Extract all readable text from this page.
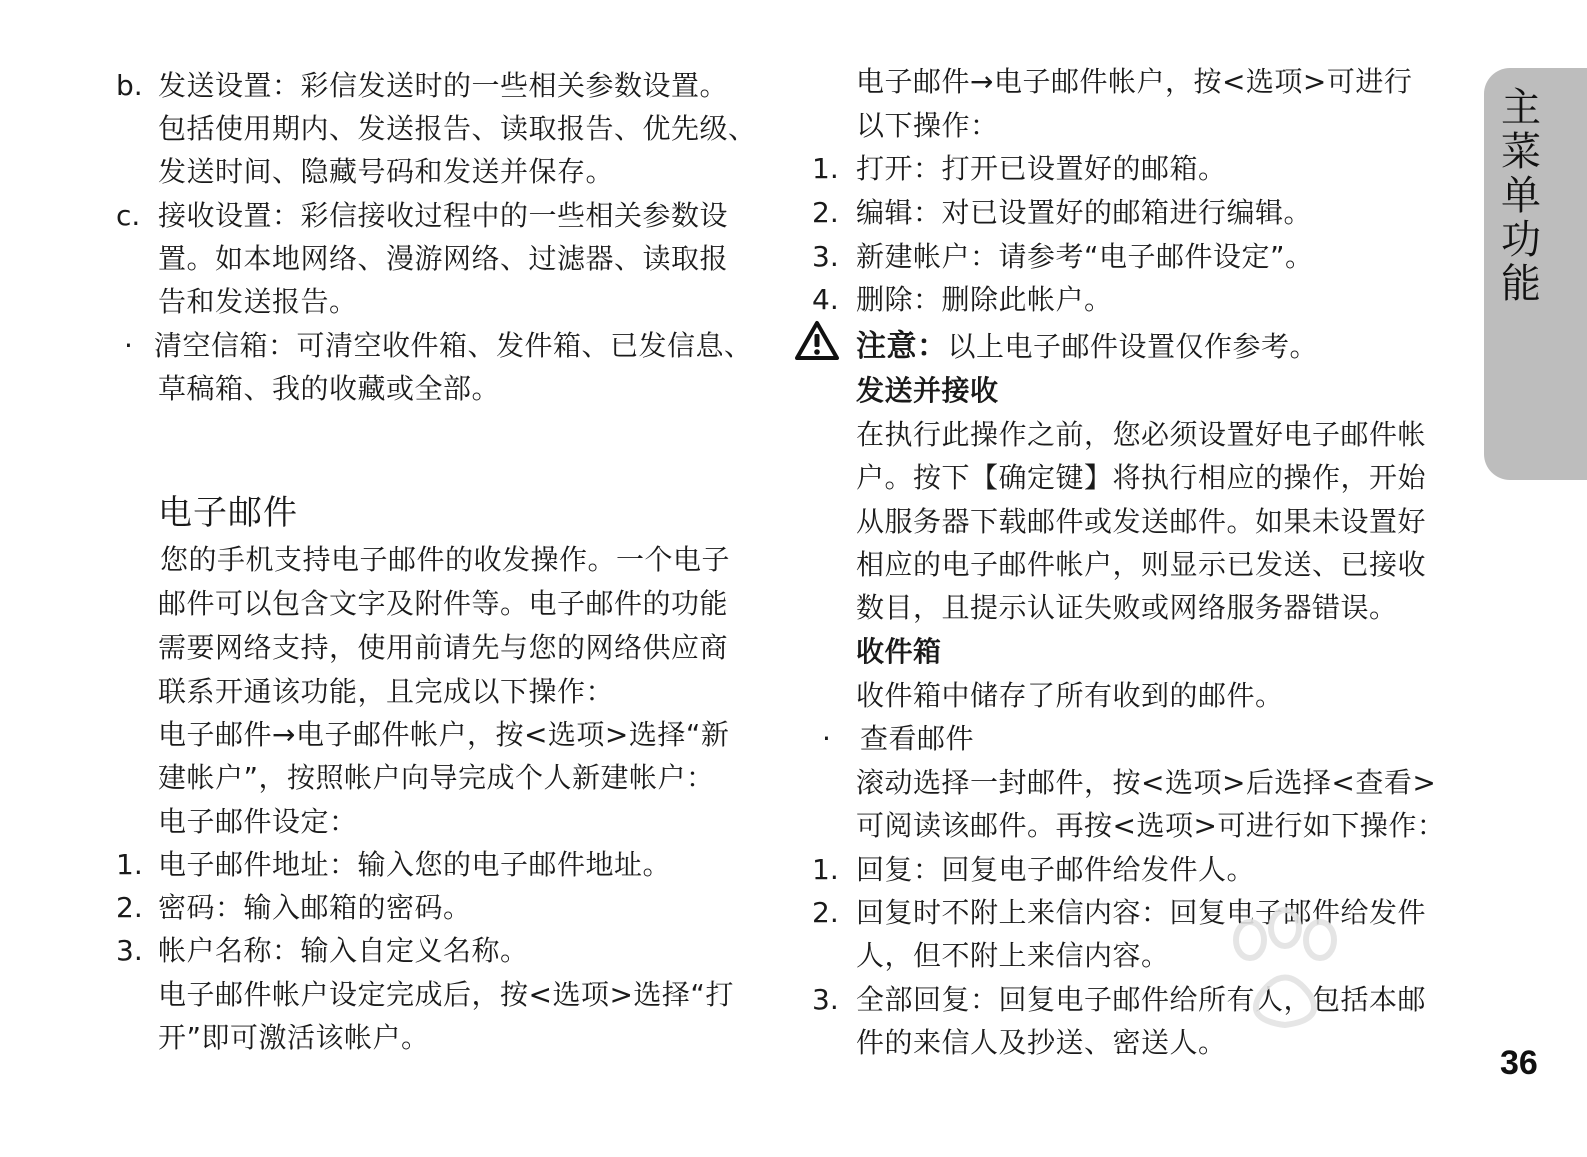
主菜单功能
b. 发送设置：彩信发送时的一些相关参数设置。
包括使用期内、发送报告、读取报告、优先级、
发送时间、隐藏号码和发送并保存。
c. 接收设置：彩信接收过程中的一些相关参数设
置。如本地网络、漫游网络、过滤器、读取报
告和发送报告。
· 清空信箱：可清空收件箱、发件箱、已发信息、
草稿箱、我的收藏或全部。
电子邮件
您的手机支持电子邮件的收发操作。一个电子
邮件可以包含文字及附件等。电子邮件的功能
需要网络支持，使用前请先与您的网络供应商
联系开通该功能，且完成以下操作：
电子邮件→电子邮件帐户，按<选项>选择“新
建帐户”，按照帐户向导完成个人新建帐户：
电子邮件设定：
1. 电子邮件地址：输入您的电子邮件地址。
2. 密码：输入邮箱的密码。
3. 帐户名称：输入自定义名称。
电子邮件帐户设定完成后，按<选项>选择“打
开”即可激活该帐户。
电子邮件→电子邮件帐户，按<选项>可进行
以下操作：
1. 打开：打开已设置好的邮箱。
2. 编辑：对已设置好的邮箱进行编辑。
3. 新建帐户：请参考“电子邮件设定”。
4. 删除：删除此帐户。
注意：以上电子邮件设置仅作参考。
发送并接收
在执行此操作之前，您必须设置好电子邮件帐
户。按下【确定键】将执行相应的操作，开始
从服务器下载邮件或发送邮件。如果未设置好
相应的电子邮件帐户，则显示已发送、已接收
数目，且提示认证失败或网络服务器错误。
收件箱
收件箱中储存了所有收到的邮件。
· 查看邮件
滚动选择一封邮件，按<选项>后选择<查看>
可阅读该邮件。再按<选项>可进行如下操作：
1. 回复：回复电子邮件给发件人。
2. 回复时不附上来信内容：回复电子邮件给发件
人，但不附上来信内容。
3. 全部回复：回复电子邮件给所有人，包括本邮
件的来信人及抄送、密送人。
36
